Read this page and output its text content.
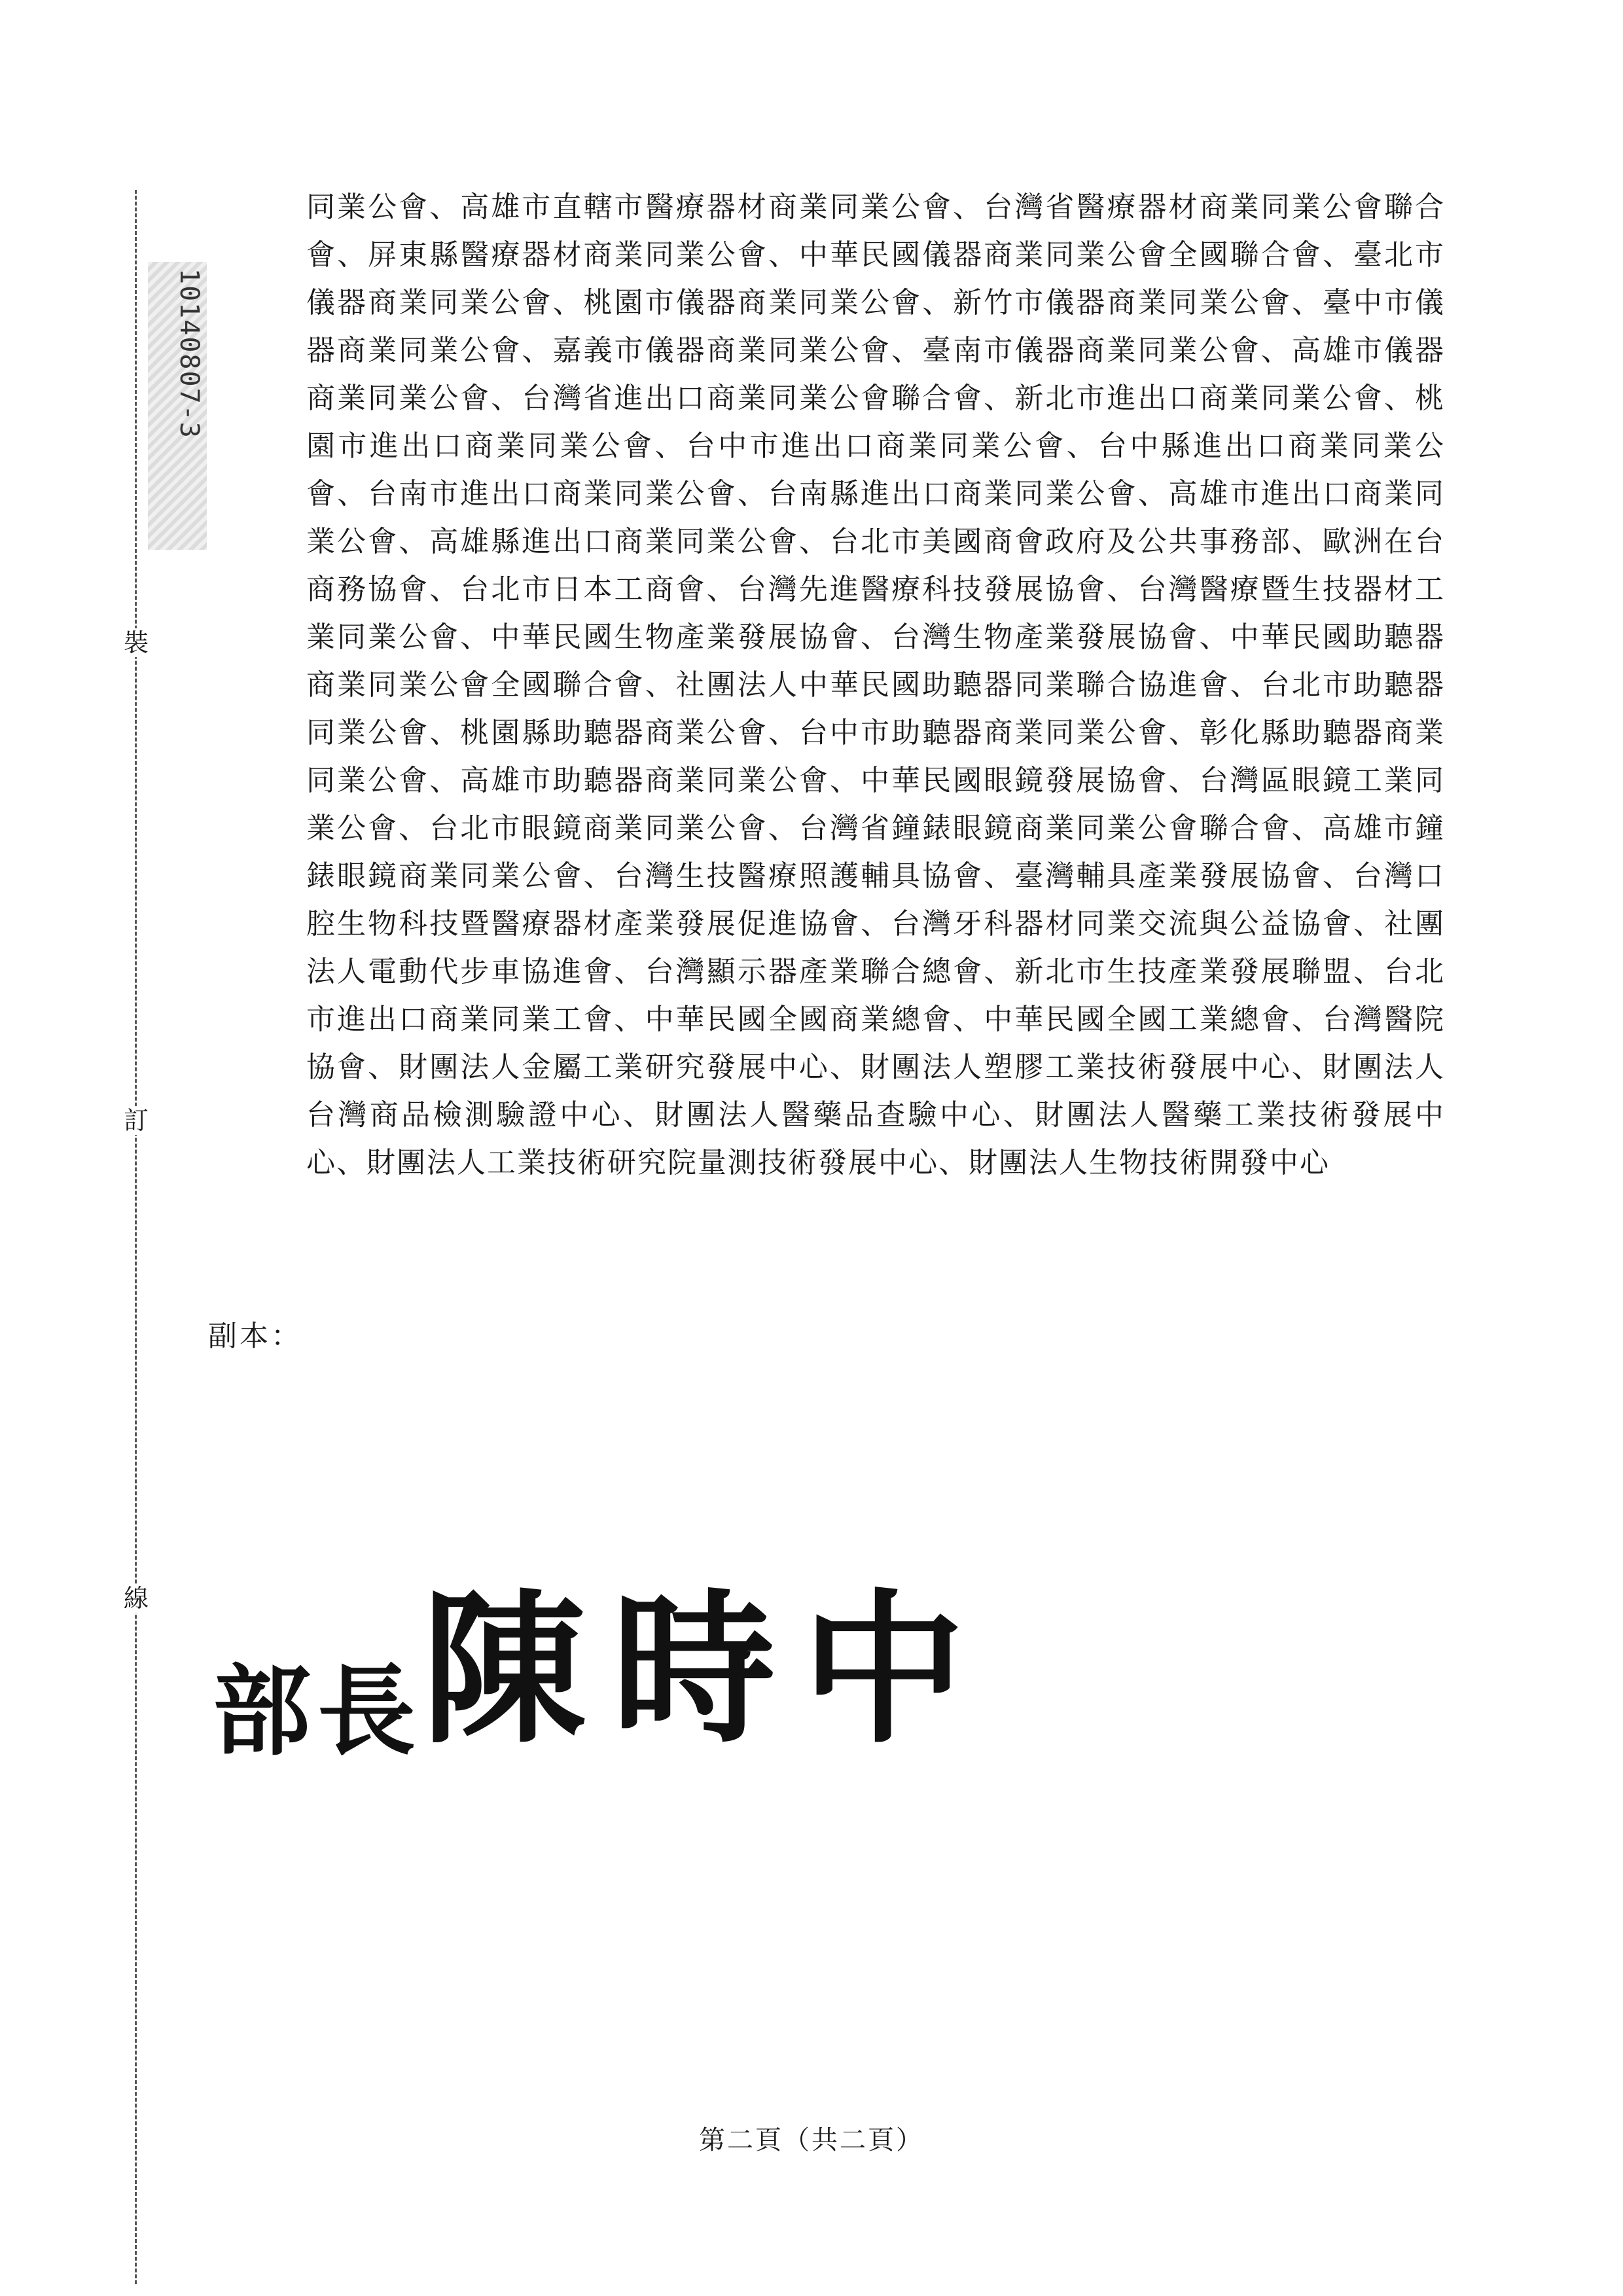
裝
訂
線
10140807-3
同業公會、高雄市直轄市醫療器材商業同業公會、台灣省醫療器材商業同業公會聯合會、屏東縣醫療器材商業同業公會、中華民國儀器商業同業公會全國聯合會、臺北市儀器商業同業公會、桃園市儀器商業同業公會、新竹市儀器商業同業公會、臺中市儀器商業同業公會、嘉義市儀器商業同業公會、臺南市儀器商業同業公會、高雄市儀器商業同業公會、台灣省進出口商業同業公會聯合會、新北市進出口商業同業公會、桃園市進出口商業同業公會、台中市進出口商業同業公會、台中縣進出口商業同業公會、台南市進出口商業同業公會、台南縣進出口商業同業公會、高雄市進出口商業同業公會、高雄縣進出口商業同業公會、台北市美國商會政府及公共事務部、歐洲在台商務協會、台北市日本工商會、台灣先進醫療科技發展協會、台灣醫療暨生技器材工業同業公會、中華民國生物產業發展協會、台灣生物產業發展協會、中華民國助聽器商業同業公會全國聯合會、社團法人中華民國助聽器同業聯合協進會、台北市助聽器同業公會、桃園縣助聽器商業公會、台中市助聽器商業同業公會、彰化縣助聽器商業同業公會、高雄市助聽器商業同業公會、中華民國眼鏡發展協會、台灣區眼鏡工業同業公會、台北市眼鏡商業同業公會、台灣省鐘錶眼鏡商業同業公會聯合會、高雄市鐘錶眼鏡商業同業公會、台灣生技醫療照護輔具協會、臺灣輔具產業發展協會、台灣口腔生物科技暨醫療器材產業發展促進協會、台灣牙科器材同業交流與公益協會、社團法人電動代步車協進會、台灣顯示器產業聯合總會、新北市生技產業發展聯盟、台北市進出口商業同業工會、中華民國全國商業總會、中華民國全國工業總會、台灣醫院協會、財團法人金屬工業研究發展中心、財團法人塑膠工業技術發展中心、財團法人台灣商品檢測驗證中心、財團法人醫藥品查驗中心、財團法人醫藥工業技術發展中心、財團法人工業技術研究院量測技術發展中心、財團法人生物技術開發中心
副本：
部長陳時中
第二頁（共二頁）
